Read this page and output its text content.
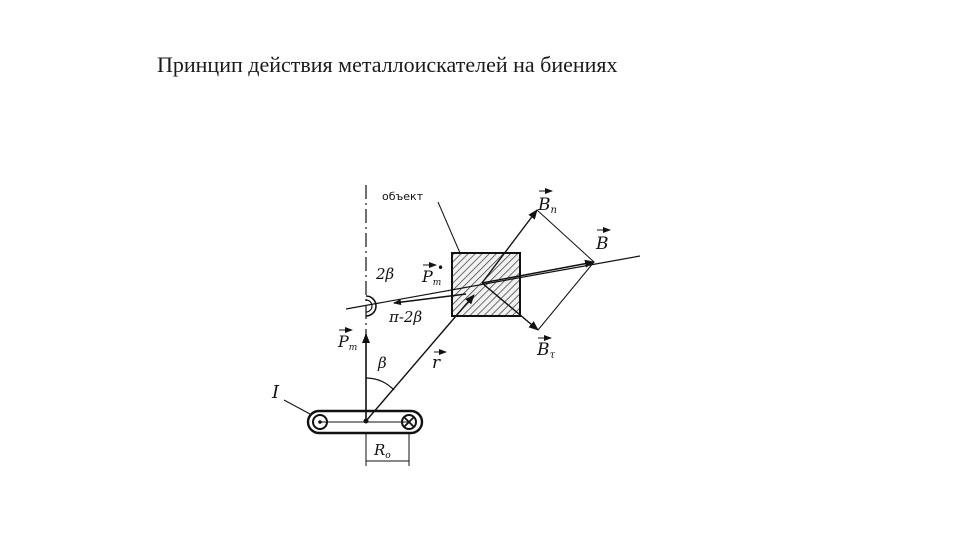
Принцип действия металлоискателей на биениях
объект	Bn
B
Bτ
2β Pm
•
π-2β
Pm
β	r
I
$R_o$
